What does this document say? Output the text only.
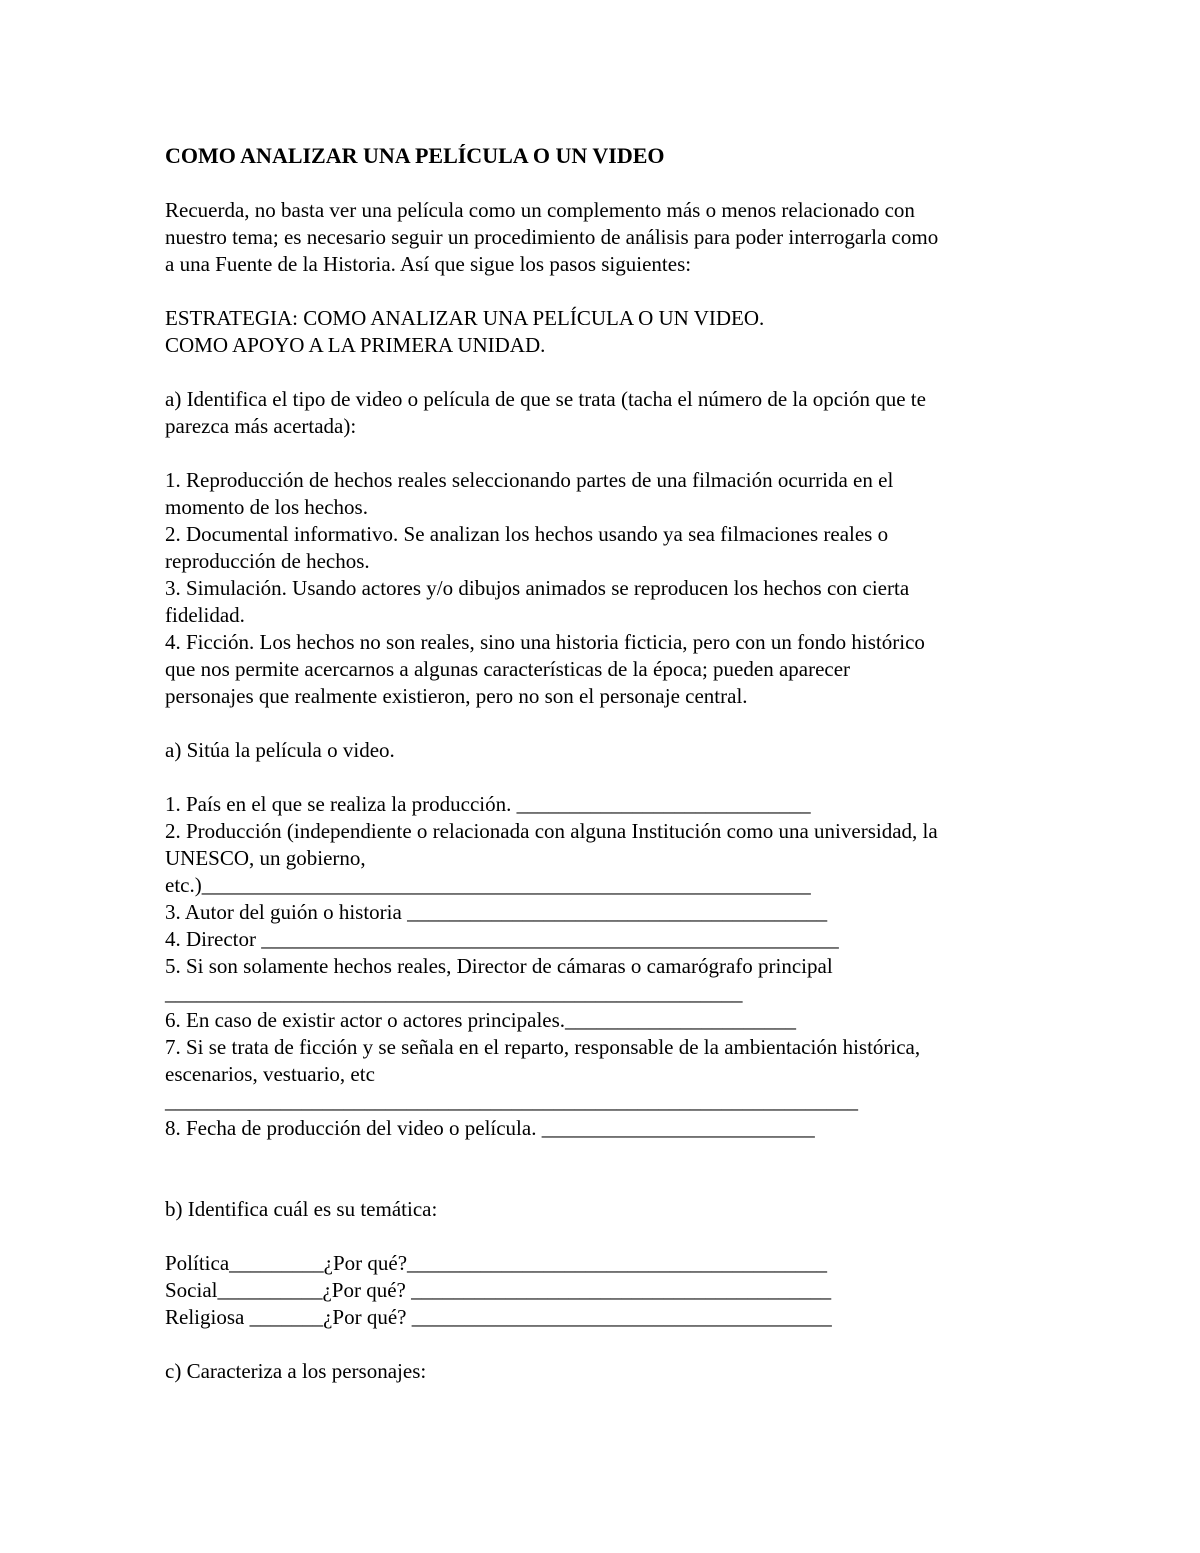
COMO ANALIZAR UNA PELÍCULA O UN VIDEO
Recuerda, no basta ver una película como un complemento más o menos relacionado con
nuestro tema; es necesario seguir un procedimiento de análisis para poder interrogarla como
a una Fuente de la Historia. Así que sigue los pasos siguientes:
ESTRATEGIA: COMO ANALIZAR UNA PELÍCULA O UN VIDEO.
COMO APOYO A LA PRIMERA UNIDAD.
a) Identifica el tipo de video o película de que se trata (tacha el número de la opción que te
parezca más acertada):
1. Reproducción de hechos reales seleccionando partes de una filmación ocurrida en el
momento de los hechos.
2. Documental informativo. Se analizan los hechos usando ya sea filmaciones reales o
reproducción de hechos.
3. Simulación. Usando actores y/o dibujos animados se reproducen los hechos con cierta
fidelidad.
4. Ficción. Los hechos no son reales, sino una historia ficticia, pero con un fondo histórico
que nos permite acercarnos a algunas características de la época; pueden aparecer
personajes que realmente existieron, pero no son el personaje central.
a) Sitúa la película o video.
1. País en el que se realiza la producción. ____________________________
2. Producción (independiente o relacionada con alguna Institución como una universidad, la
UNESCO, un gobierno,
etc.)__________________________________________________________
3. Autor del guión o historia ________________________________________
4. Director _______________________________________________________
5. Si son solamente hechos reales, Director de cámaras o camarógrafo principal
_______________________________________________________
6. En caso de existir actor o actores principales.______________________
7. Si se trata de ficción y se señala en el reparto, responsable de la ambientación histórica,
escenarios, vestuario, etc
__________________________________________________________________
8. Fecha de producción del video o película. __________________________
b) Identifica cuál es su temática:
Política_________¿Por qué?________________________________________
Social__________¿Por qué? ________________________________________
Religiosa _______¿Por qué? ________________________________________
c) Caracteriza a los personajes:
